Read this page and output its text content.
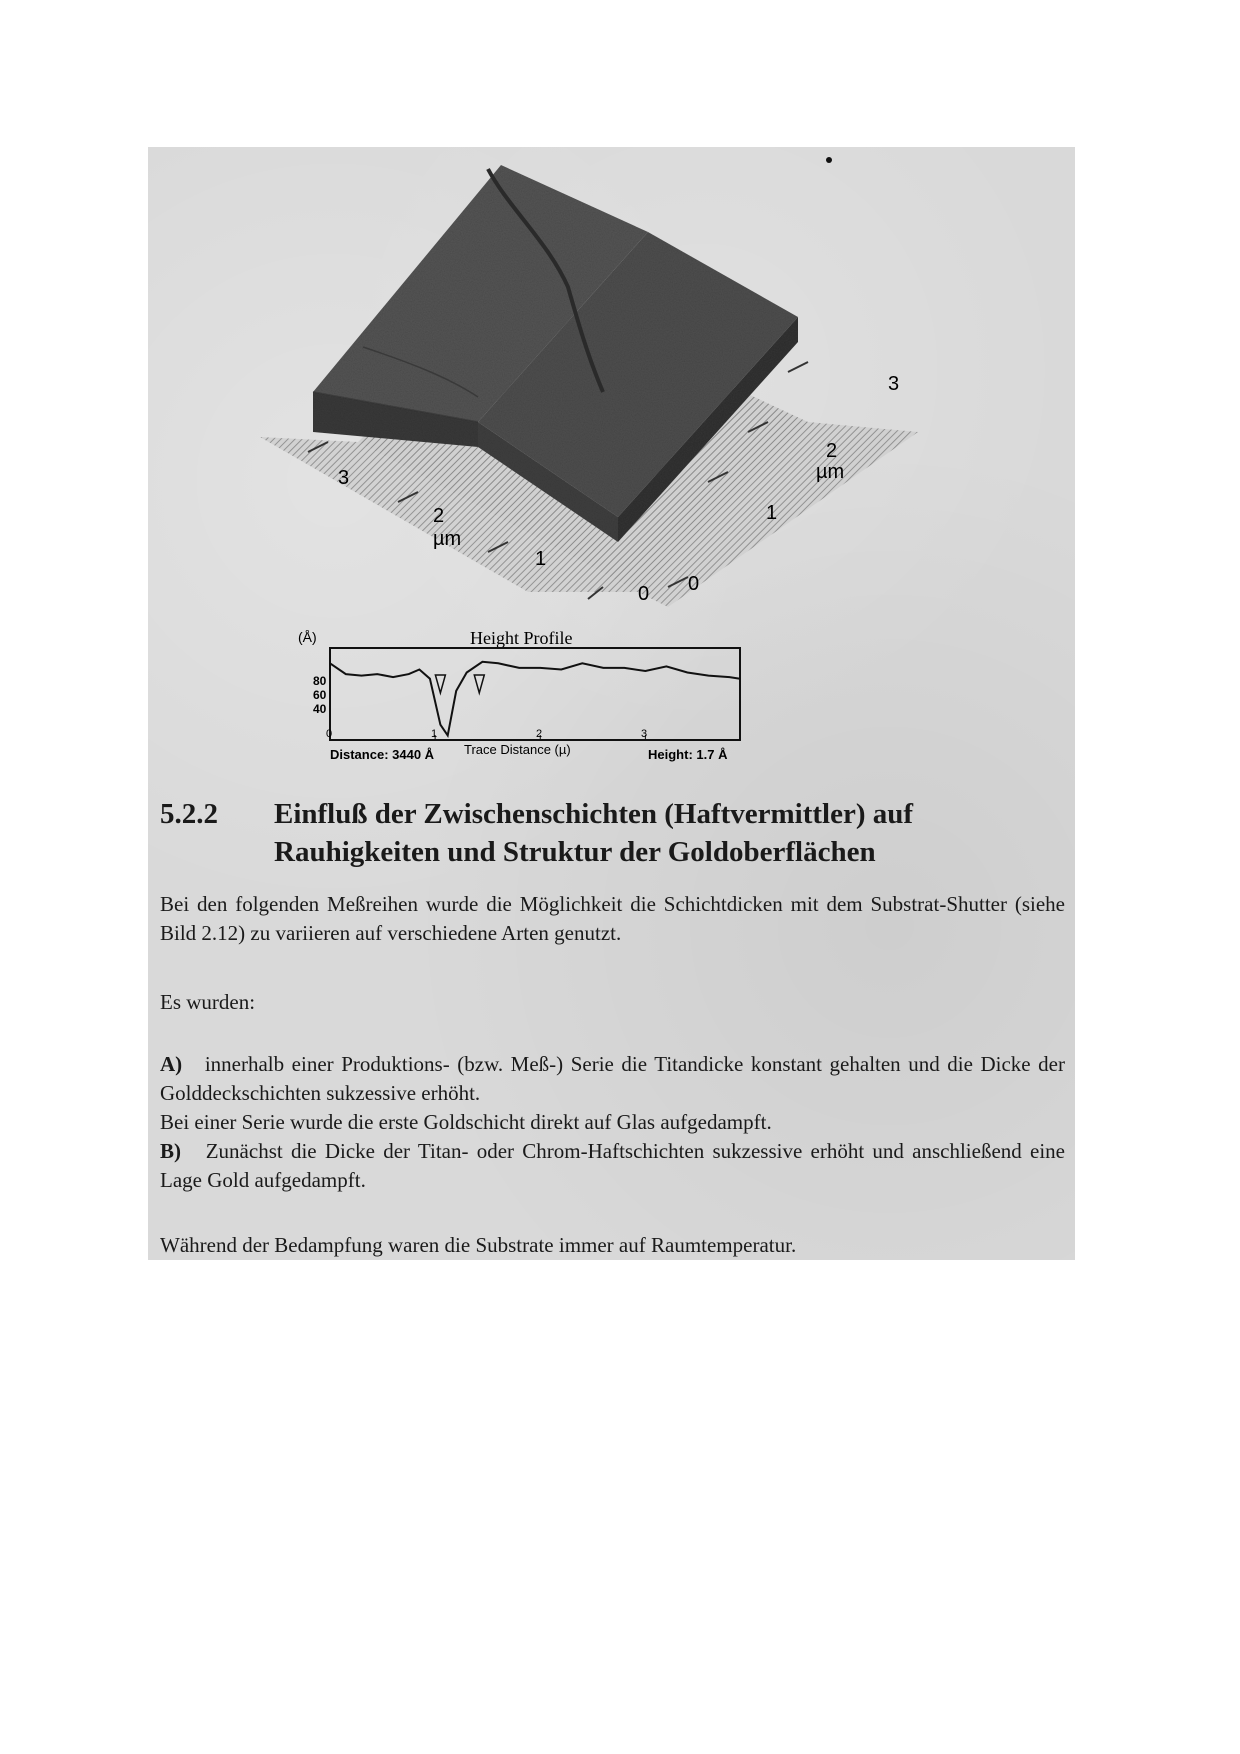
3
2
µm
1
0 0
1
2
µm
3
(Å)	Height Profile
80
60
40
0	1	2	3
Distance: 3440 Å Trace Distance (µ)	Height: 1.7 Å
5.2.2 Einfluß der Zwischenschichten (Haftvermittler) auf Rauhigkeiten und Struktur der Goldoberflächen

Bei den folgenden Meßreihen wurde die Möglichkeit die Schichtdicken mit dem Substrat-Shutter (siehe Bild 2.12) zu variieren auf verschiedene Arten genutzt.

Es wurden:

A) innerhalb einer Produktions- (bzw. Meß-) Serie die Titandicke konstant gehalten und die Dicke der Golddeckschichten sukzessive erhöht.
Bei einer Serie wurde die erste Goldschicht direkt auf Glas aufgedampft.
B) Zunächst die Dicke der Titan- oder Chrom-Haftschichten sukzessive erhöht und anschließend eine Lage Gold aufgedampft.

Während der Bedampfung waren die Substrate immer auf Raumtemperatur.
